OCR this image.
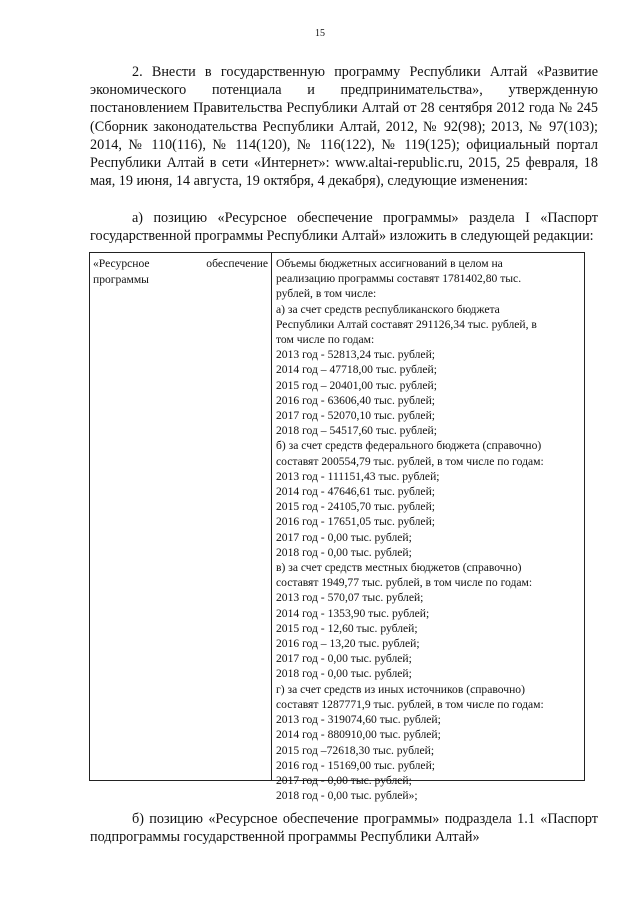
15
2. Внести в государственную программу Республики Алтай «Развитие экономического потенциала и предпринимательства», утвержденную постановлением Правительства Республики Алтай от 28 сентября 2012 года № 245 (Сборник законодательства Республики Алтай, 2012, № 92(98); 2013, № 97(103); 2014, № 110(116), № 114(120), № 116(122), № 119(125); официальный портал Республики Алтай в сети «Интернет»: www.altai-republic.ru, 2015, 25 февраля, 18 мая, 19 июня, 14 августа, 19 октября, 4 декабря), следующие изменения:
а) позицию «Ресурсное обеспечение программы» раздела I «Паспорт государственной программы Республики Алтай» изложить в следующей редакции:
«Ресурсное	обеспечение
программы
Объемы бюджетных ассигнований в целом на
реализацию программы составят 1781402,80 тыс.
рублей, в том числе:
а) за счет средств республиканского бюджета
Республики Алтай составят 291126,34 тыс. рублей, в
том числе по годам:
2013 год - 52813,24 тыс. рублей;
2014 год – 47718,00 тыс. рублей;
2015 год – 20401,00 тыс. рублей;
2016 год - 63606,40 тыс. рублей;
2017 год - 52070,10 тыс. рублей;
2018 год – 54517,60 тыс. рублей;
б) за счет средств федерального бюджета (справочно)
составят 200554,79 тыс. рублей, в том числе по годам:
2013 год - 111151,43 тыс. рублей;
2014 год - 47646,61 тыс. рублей;
2015 год - 24105,70 тыс. рублей;
2016 год - 17651,05 тыс. рублей;
2017 год - 0,00 тыс. рублей;
2018 год - 0,00 тыс. рублей;
в) за счет средств местных бюджетов (справочно)
составят 1949,77 тыс. рублей, в том числе по годам:
2013 год - 570,07 тыс. рублей;
2014 год - 1353,90 тыс. рублей;
2015 год - 12,60 тыс. рублей;
2016 год – 13,20 тыс. рублей;
2017 год - 0,00 тыс. рублей;
2018 год - 0,00 тыс. рублей;
г) за счет средств из иных источников (справочно)
составят 1287771,9 тыс. рублей, в том числе по годам:
2013 год - 319074,60 тыс. рублей;
2014 год - 880910,00 тыс. рублей;
2015 год –72618,30 тыс. рублей;
2016 год - 15169,00 тыс. рублей;
2017 год - 0,00 тыс. рублей;
2018 год - 0,00 тыс. рублей»;
б) позицию «Ресурсное обеспечение программы» подраздела 1.1 «Паспорт подпрограммы государственной программы Республики Алтай»
